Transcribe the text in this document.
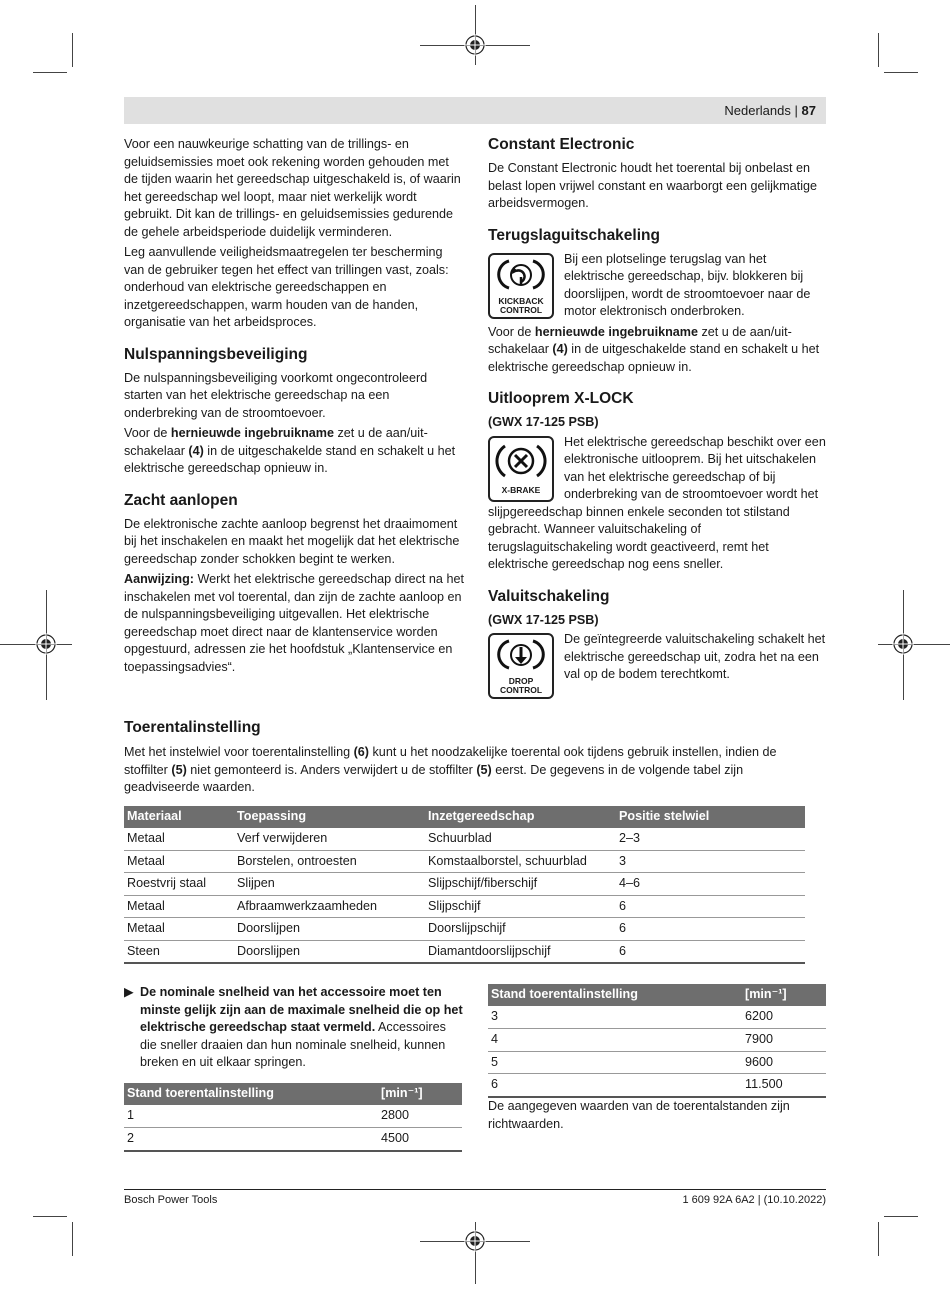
Nederlands | 87

Voor een nauwkeurige schatting van de trillings- en geluidsemissies moet ook rekening worden gehouden met de tijden waarin het gereedschap uitgeschakeld is, of waarin het gereedschap wel loopt, maar niet werkelijk wordt gebruikt. Dit kan de trillings- en geluidsemissies gedurende de gehele arbeidsperiode duidelijk verminderen.

Leg aanvullende veiligheidsmaatregelen ter bescherming van de gebruiker tegen het effect van trillingen vast, zoals: onderhoud van elektrische gereedschappen en inzetgereedschappen, warm houden van de handen, organisatie van het arbeidsproces.

Nulspanningsbeveiliging

De nulspanningsbeveiliging voorkomt ongecontroleerd starten van het elektrische gereedschap na een onderbreking van de stroomtoevoer.

Voor de hernieuwde ingebruikname zet u de aan/uit-schakelaar (4) in de uitgeschakelde stand en schakelt u het elektrische gereedschap opnieuw in.

Zacht aanlopen

De elektronische zachte aanloop begrenst het draaimoment bij het inschakelen en maakt het mogelijk dat het elektrische gereedschap zonder schokken begint te werken.

Aanwijzing: Werkt het elektrische gereedschap direct na het inschakelen met vol toerental, dan zijn de zachte aanloop en de nulspanningsbeveiliging uitgevallen. Het elektrische gereedschap moet direct naar de klantenservice worden opgestuurd, adressen zie het hoofdstuk „Klantenservice en toepassingsadvies“.

Constant Electronic

De Constant Electronic houdt het toerental bij onbelast en belast lopen vrijwel constant en waarborgt een gelijkmatige arbeidsvermogen.

Terugslaguitschakeling
KICKBACK
CONTROL

Bij een plotselinge terugslag van het elektrische gereedschap, bijv. blokkeren bij doorslijpen, wordt de stroomtoevoer naar de motor elektronisch onderbroken.

Voor de hernieuwde ingebruikname zet u de aan/uit-schakelaar (4) in de uitgeschakelde stand en schakelt u het elektrische gereedschap opnieuw in.

Uitlooprem X-LOCK

(GWX 17-125 PSB)

X-BRAKE

Het elektrische gereedschap beschikt over een elektronische uitlooprem. Bij het uitschakelen van het elektrische gereedschap of bij onderbreking van de stroomtoevoer wordt het slijpgereedschap binnen enkele seconden tot stilstand gebracht. Wanneer valuitschakeling of terugslaguitschakeling wordt geactiveerd, remt het elektrische gereedschap nog eens sneller.

Valuitschakeling

(GWX 17-125 PSB)

DROP
CONTROL

De geïntegreerde valuitschakeling schakelt het elektrische gereedschap uit, zodra het na een val op de bodem terechtkomt.

Toerentalinstelling

Met het instelwiel voor toerentalinstelling (6) kunt u het noodzakelijke toerental ook tijdens gebruik instellen, indien de stoffilter (5) niet gemonteerd is. Anders verwijdert u de stoffilter (5) eerst. De gegevens in de volgende tabel zijn geadviseerde waarden.

Materiaal	Toepassing	Inzetgereedschap	Positie stelwiel
Metaal	Verf verwijderen	Schuurblad	2–3
Metaal	Borstelen, ontroesten	Komstaalborstel, schuurblad	3
Roestvrij staal	Slijpen	Slijpschijf/fiberschijf	4–6
Metaal	Afbraamwerkzaamheden	Slijpschijf	6
Metaal	Doorslijpen	Doorslijpschijf	6
Steen	Doorslijpen	Diamantdoorslijpschijf	6
▶ De nominale snelheid van het accessoire moet ten minste gelijk zijn aan de maximale snelheid die op het elektrische gereedschap staat vermeld. Accessoires die sneller draaien dan hun nominale snelheid, kunnen breken en uit elkaar springen.
Stand toerentalinstelling	[min⁻¹]
1	2800
2	4500
Stand toerentalinstelling	[min⁻¹]
3	6200
4	7900
5	9600
6	11.500

De aangegeven waarden van de toerentalstanden zijn richtwaarden.

Bosch Power Tools	1 609 92A 6A2 | (10.10.2022)
